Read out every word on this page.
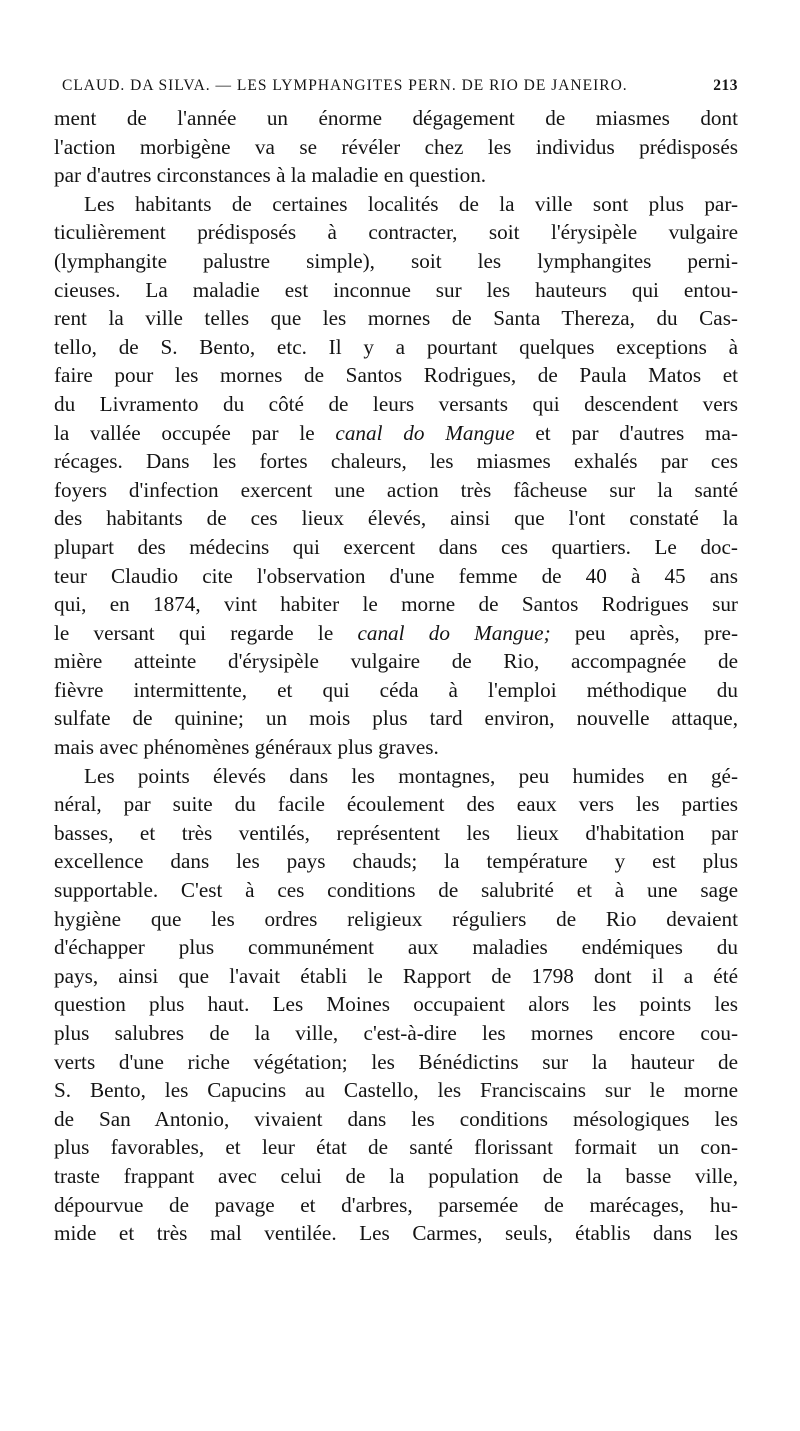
CLAUD. DA SILVA. — LES LYMPHANGITES PERN. DE RIO DE JANEIRO.	213
ment de l'année un énorme dégagement de miasmes dont
l'action morbigène va se révéler chez les individus prédisposés
par d'autres circonstances à la maladie en question.
Les habitants de certaines localités de la ville sont plus par-
ticulièrement prédisposés à contracter, soit l'érysipèle vulgaire
(lymphangite palustre simple), soit les lymphangites perni-
cieuses. La maladie est inconnue sur les hauteurs qui entou-
rent la ville telles que les mornes de Santa Thereza, du Cas-
tello, de S. Bento, etc. Il y a pourtant quelques exceptions à
faire pour les mornes de Santos Rodrigues, de Paula Matos et
du Livramento du côté de leurs versants qui descendent vers
la vallée occupée par le canal do Mangue et par d'autres ma-
récages. Dans les fortes chaleurs, les miasmes exhalés par ces
foyers d'infection exercent une action très fâcheuse sur la santé
des habitants de ces lieux élevés, ainsi que l'ont constaté la
plupart des médecins qui exercent dans ces quartiers. Le doc-
teur Claudio cite l'observation d'une femme de 40 à 45 ans
qui, en 1874, vint habiter le morne de Santos Rodrigues sur
le versant qui regarde le canal do Mangue; peu après, pre-
mière atteinte d'érysipèle vulgaire de Rio, accompagnée de
fièvre intermittente, et qui céda à l'emploi méthodique du
sulfate de quinine; un mois plus tard environ, nouvelle attaque,
mais avec phénomènes généraux plus graves.
Les points élevés dans les montagnes, peu humides en gé-
néral, par suite du facile écoulement des eaux vers les parties
basses, et très ventilés, représentent les lieux d'habitation par
excellence dans les pays chauds; la température y est plus
supportable. C'est à ces conditions de salubrité et à une sage
hygiène que les ordres religieux réguliers de Rio devaient
d'échapper plus communément aux maladies endémiques du
pays, ainsi que l'avait établi le Rapport de 1798 dont il a été
question plus haut. Les Moines occupaient alors les points les
plus salubres de la ville, c'est-à-dire les mornes encore cou-
verts d'une riche végétation; les Bénédictins sur la hauteur de
S. Bento, les Capucins au Castello, les Franciscains sur le morne
de San Antonio, vivaient dans les conditions mésologiques les
plus favorables, et leur état de santé florissant formait un con-
traste frappant avec celui de la population de la basse ville,
dépourvue de pavage et d'arbres, parsemée de marécages, hu-
mide et très mal ventilée. Les Carmes, seuls, établis dans les
